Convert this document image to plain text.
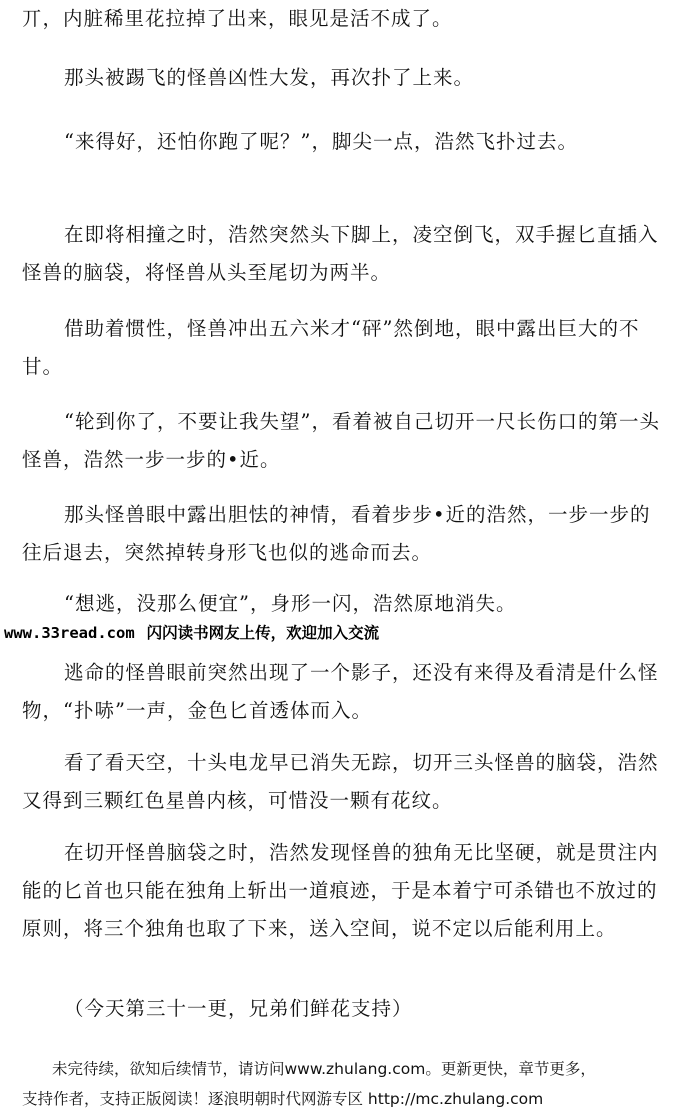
丌，内脏稀里花拉掉了出来，眼见是活不成了。

那头被踢飞的怪兽凶性大发，再次扑了上来。

“来得好，还怕你跑了呢？”，脚尖一点，浩然飞扑过去。

在即将相撞之时，浩然突然头下脚上，凌空倒飞，双手握匕直插入怪兽的脑袋，将怪兽从头至尾切为两半。

借助着惯性，怪兽冲出五六米才“砰”然倒地，眼中露出巨大的不甘。

“轮到你了，不要让我失望”，看着被自己切开一尺长伤口的第一头怪兽，浩然一步一步的•近。

那头怪兽眼中露出胆怯的神情，看着步步•近的浩然，一步一步的往后退去，突然掉转身形飞也似的逃命而去。

“想逃，没那么便宜”，身形一闪，浩然原地消失。

www.33read.com 闪闪读书网友上传，欢迎加入交流

逃命的怪兽眼前突然出现了一个影子，还没有来得及看清是什么怪物，“扑哧”一声，金色匕首透体而入。

看了看天空，十头电龙早已消失无踪，切开三头怪兽的脑袋，浩然又得到三颗红色星兽内核，可惜没一颗有花纹。

在切开怪兽脑袋之时，浩然发现怪兽的独角无比坚硬，就是贯注内能的匕首也只能在独角上斩出一道痕迹，于是本着宁可杀错也不放过的原则，将三个独角也取了下来，送入空间，说不定以后能利用上。

（今天第三十一更，兄弟们鲜花支持）

未完待续，欲知后续情节，请访问www.zhulang.com。更新更快，章节更多，
支持作者，支持正版阅读！逐浪明朝时代网游专区 http://mc.zhulang.com
